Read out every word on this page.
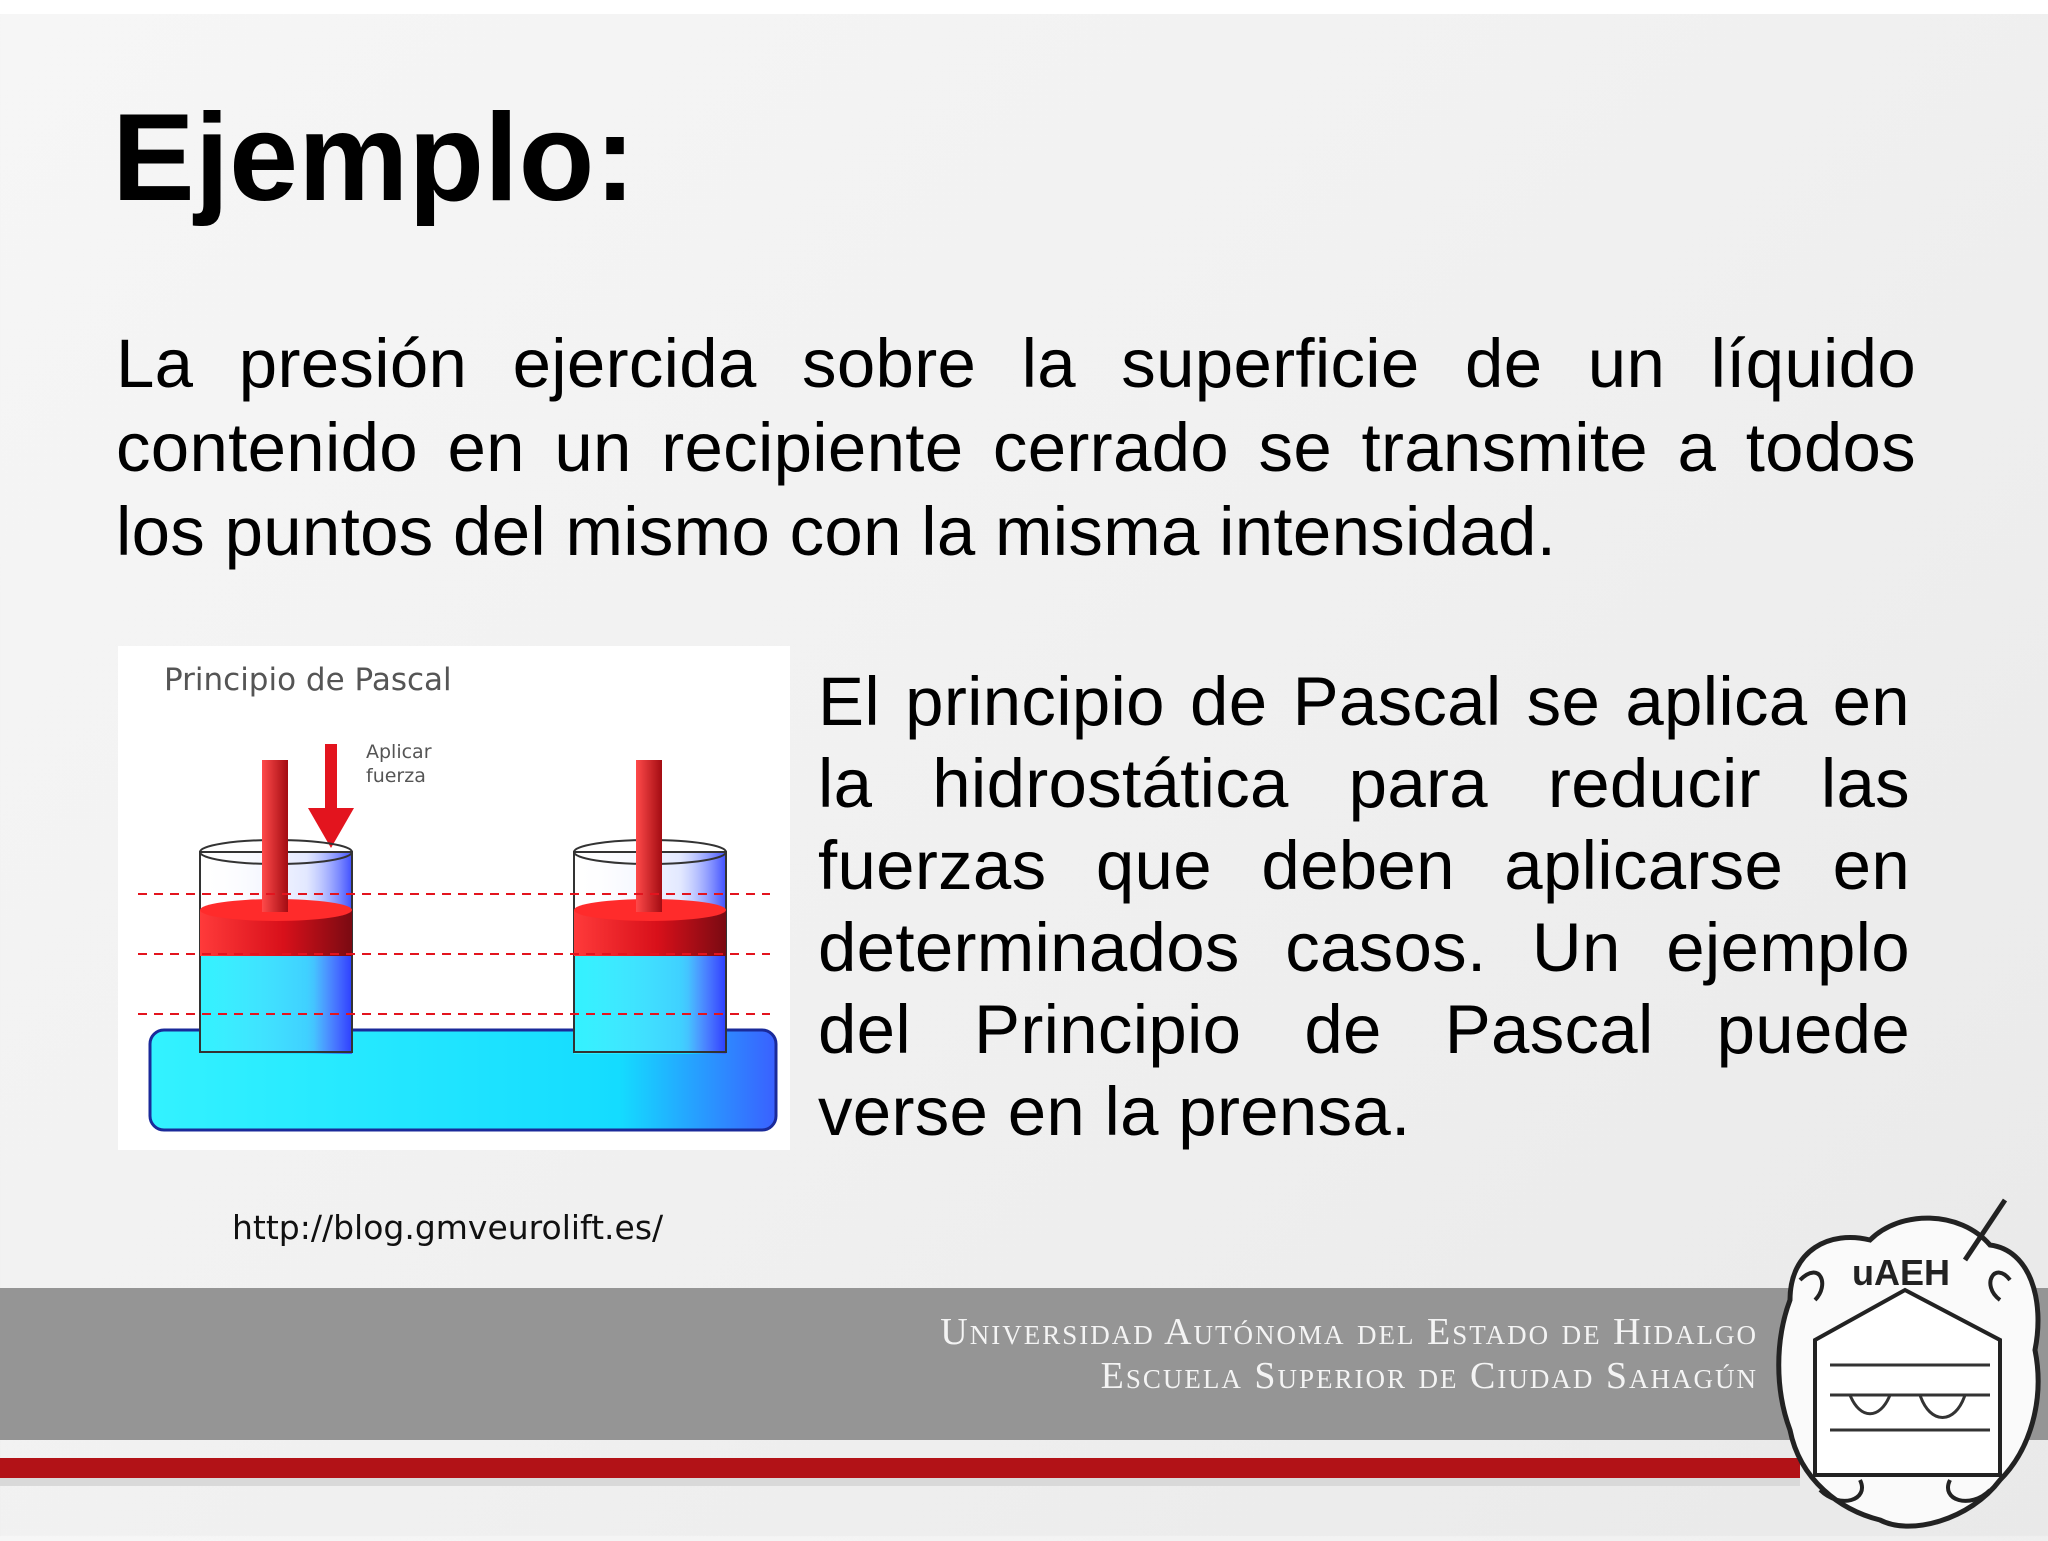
Ejemplo:

La presión ejercida sobre la superficie de un líquido contenido en un recipiente cerrado se transmite a todos los puntos del mismo con la misma intensidad.

Principio de Pascal
Aplicar
fuerza

El principio de Pascal se aplica en la hidrostática para reducir las fuerzas que deben aplicarse en determinados casos. Un ejemplo del Principio de Pascal puede verse en la prensa.

http://blog.gmveurolift.es/
Universidad Autónoma del Estado de Hidalgo
Escuela Superior de Ciudad Sahagún
uAEH
